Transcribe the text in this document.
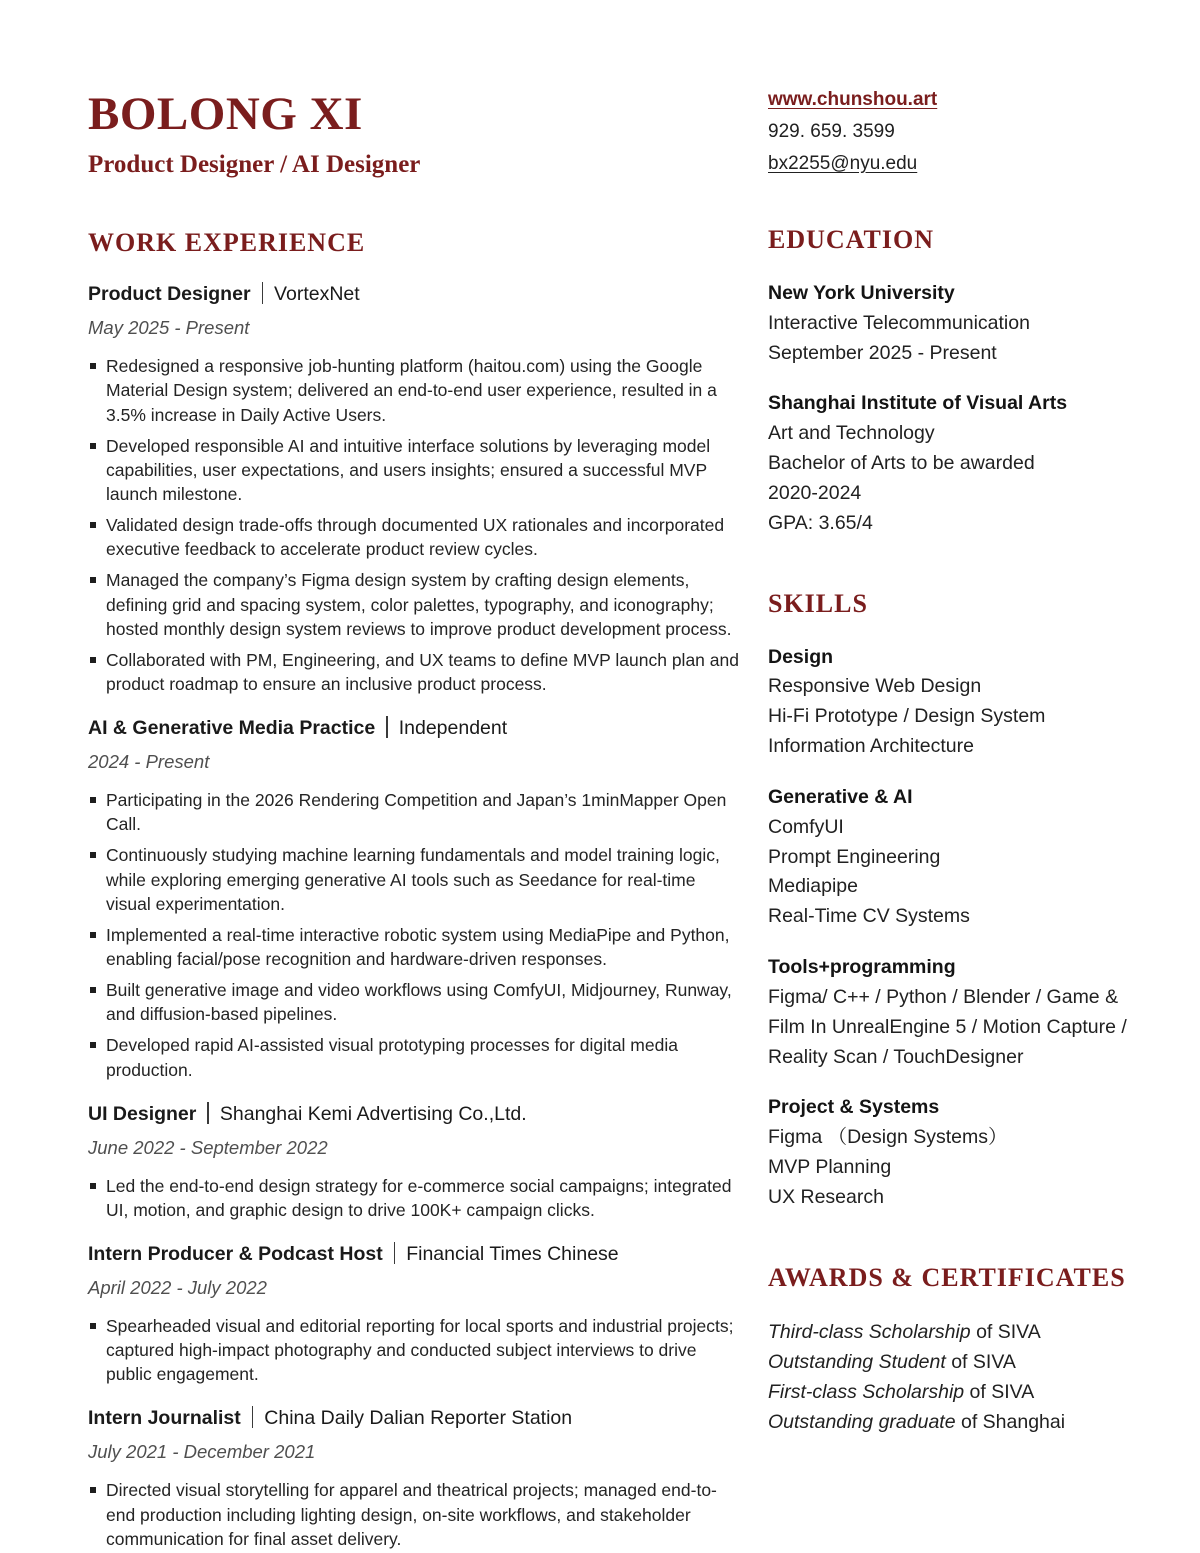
BOLONG XI
Product Designer / AI Designer
WORK EXPERIENCE
Product Designer VortexNet
May 2025 - Present
Redesigned a responsive job-hunting platform (haitou.com) using the Google Material Design system; delivered an end-to-end user experience, resulted in a 3.5% increase in Daily Active Users.
Developed responsible AI and intuitive interface solutions by leveraging model capabilities, user expectations, and users insights; ensured a successful MVP launch milestone.
Validated design trade-offs through documented UX rationales and incorporated executive feedback to accelerate product review cycles.
Managed the company’s Figma design system by crafting design elements, defining grid and spacing system, color palettes, typography, and iconography; hosted monthly design system reviews to improve product development process.
Collaborated with PM, Engineering, and UX teams to define MVP launch plan and product roadmap to ensure an inclusive product process.
AI & Generative Media Practice Independent
2024 - Present
Participating in the 2026 Rendering Competition and Japan’s 1minMapper Open Call.
Continuously studying machine learning fundamentals and model training logic, while exploring emerging generative AI tools such as Seedance for real-time visual experimentation.
Implemented a real-time interactive robotic system using MediaPipe and Python, enabling facial/pose recognition and hardware-driven responses.
Built generative image and video workflows using ComfyUI, Midjourney, Runway, and diffusion-based pipelines.
Developed rapid AI-assisted visual prototyping processes for digital media production.
UI Designer Shanghai Kemi Advertising Co.,Ltd.
June 2022 - September 2022
Led the end-to-end design strategy for e-commerce social campaigns; integrated UI, motion, and graphic design to drive 100K+ campaign clicks.
Intern Producer & Podcast Host Financial Times Chinese
April 2022 - July 2022
Spearheaded visual and editorial reporting for local sports and industrial projects; captured high-impact photography and conducted subject interviews to drive public engagement.
Intern Journalist China Daily Dalian Reporter Station
July 2021 - December 2021
Directed visual storytelling for apparel and theatrical projects; managed end-to-end production including lighting design, on-site workflows, and stakeholder communication for final asset delivery.
www.chunshou.art
929. 659. 3599
bx2255@nyu.edu
EDUCATION
New York University
Interactive Telecommunication
September 2025 - Present
Shanghai Institute of Visual Arts
Art and Technology
Bachelor of Arts to be awarded
2020-2024
GPA: 3.65/4
SKILLS
Design
Responsive Web Design
Hi-Fi Prototype / Design System
Information Architecture
Generative & AI
ComfyUI
Prompt Engineering
Mediapipe
Real-Time CV Systems
Tools+programming
Figma/ C++ / Python / Blender / Game & Film In UnrealEngine 5 / Motion Capture / Reality Scan / TouchDesigner
Project & Systems
Figma （Design Systems）
MVP Planning
UX Research
AWARDS & CERTIFICATES
Third-class Scholarship of SIVA
Outstanding Student of SIVA
First-class Scholarship of SIVA
Outstanding graduate of Shanghai
